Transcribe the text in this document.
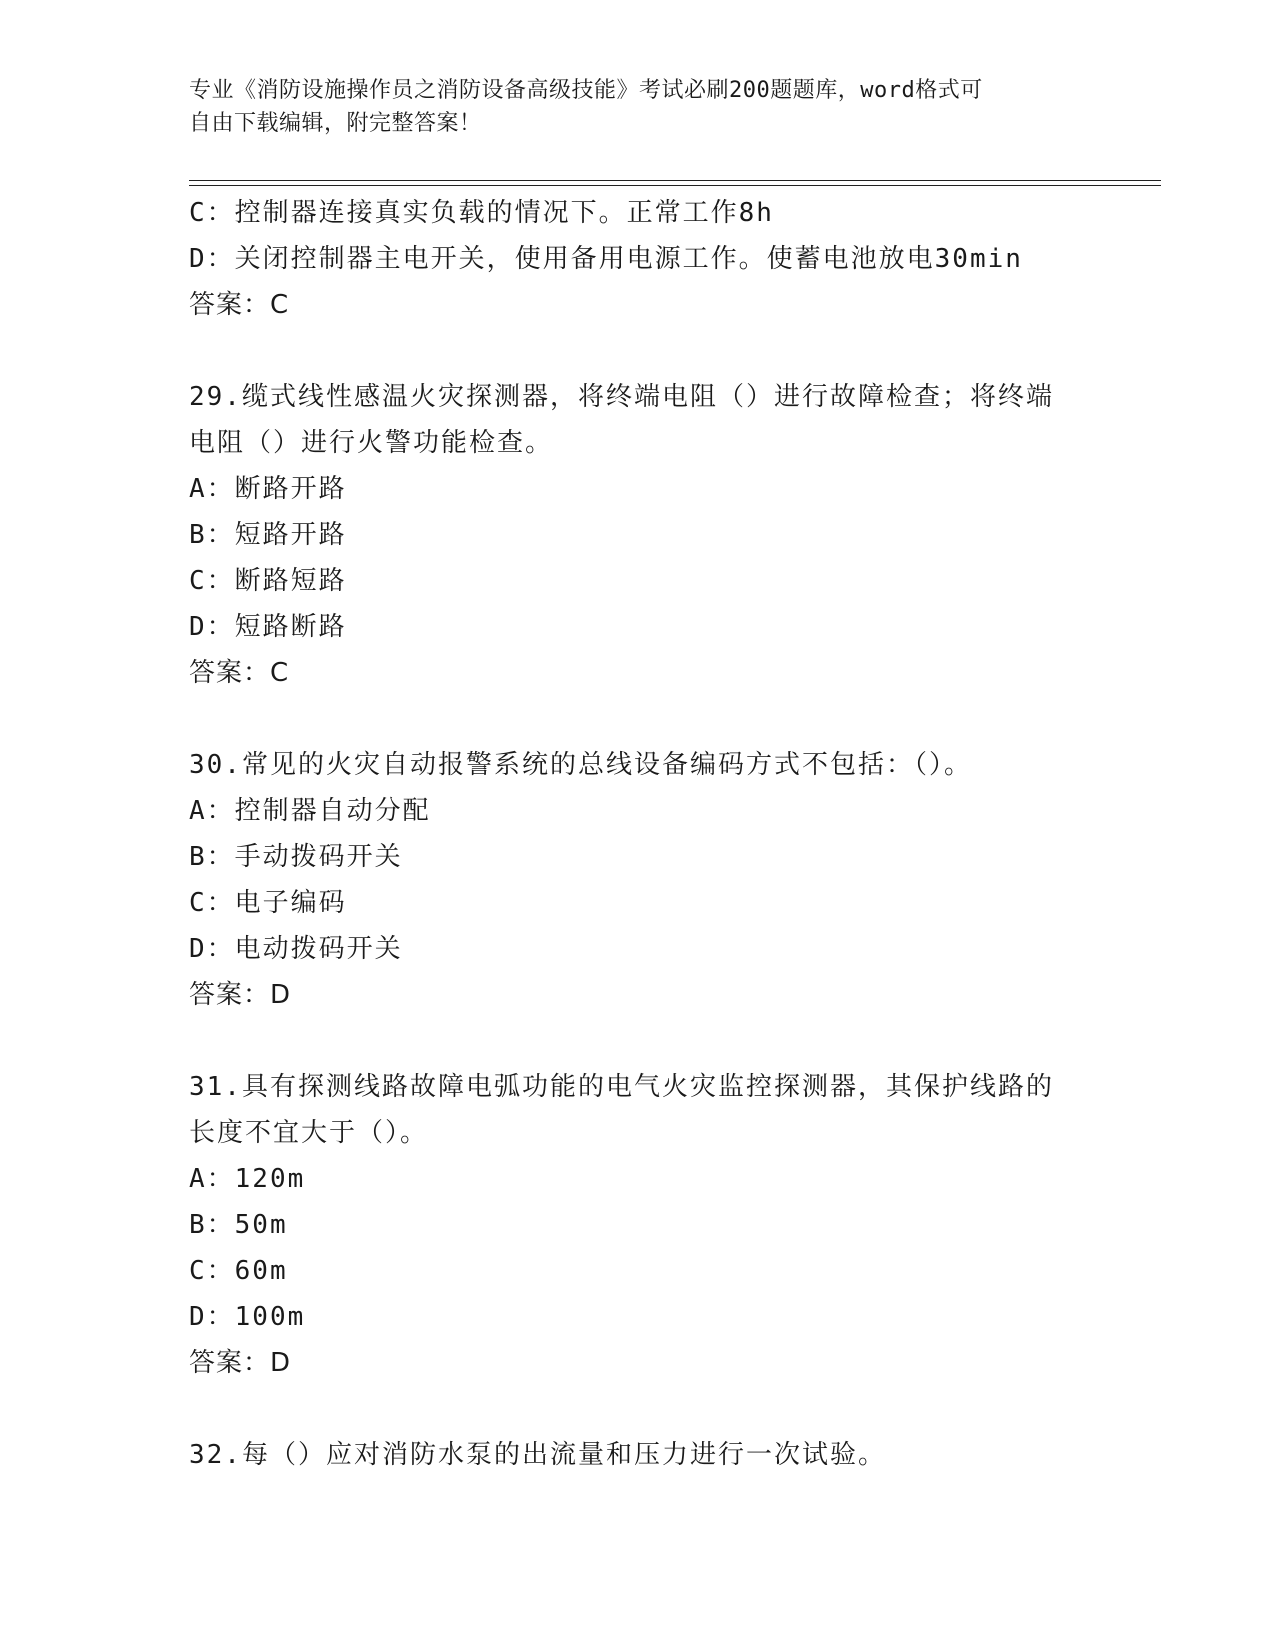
专业《消防设施操作员之消防设备高级技能》考试必刷200题题库，word格式可
自由下载编辑，附完整答案！
C：控制器连接真实负载的情况下。正常工作8h
D：关闭控制器主电开关，使用备用电源工作。使蓄电池放电30min
答案：C
29.缆式线性感温火灾探测器，将终端电阻（）进行故障检查；将终端
电阻（）进行火警功能检查。
A：断路开路
B：短路开路
C：断路短路
D：短路断路
答案：C
30.常见的火灾自动报警系统的总线设备编码方式不包括：（）。
A：控制器自动分配
B：手动拨码开关
C：电子编码
D：电动拨码开关
答案：D
31.具有探测线路故障电弧功能的电气火灾监控探测器，其保护线路的
长度不宜大于（）。
A：120m
B：50m
C：60m
D：100m
答案：D
32.每（）应对消防水泵的出流量和压力进行一次试验。
